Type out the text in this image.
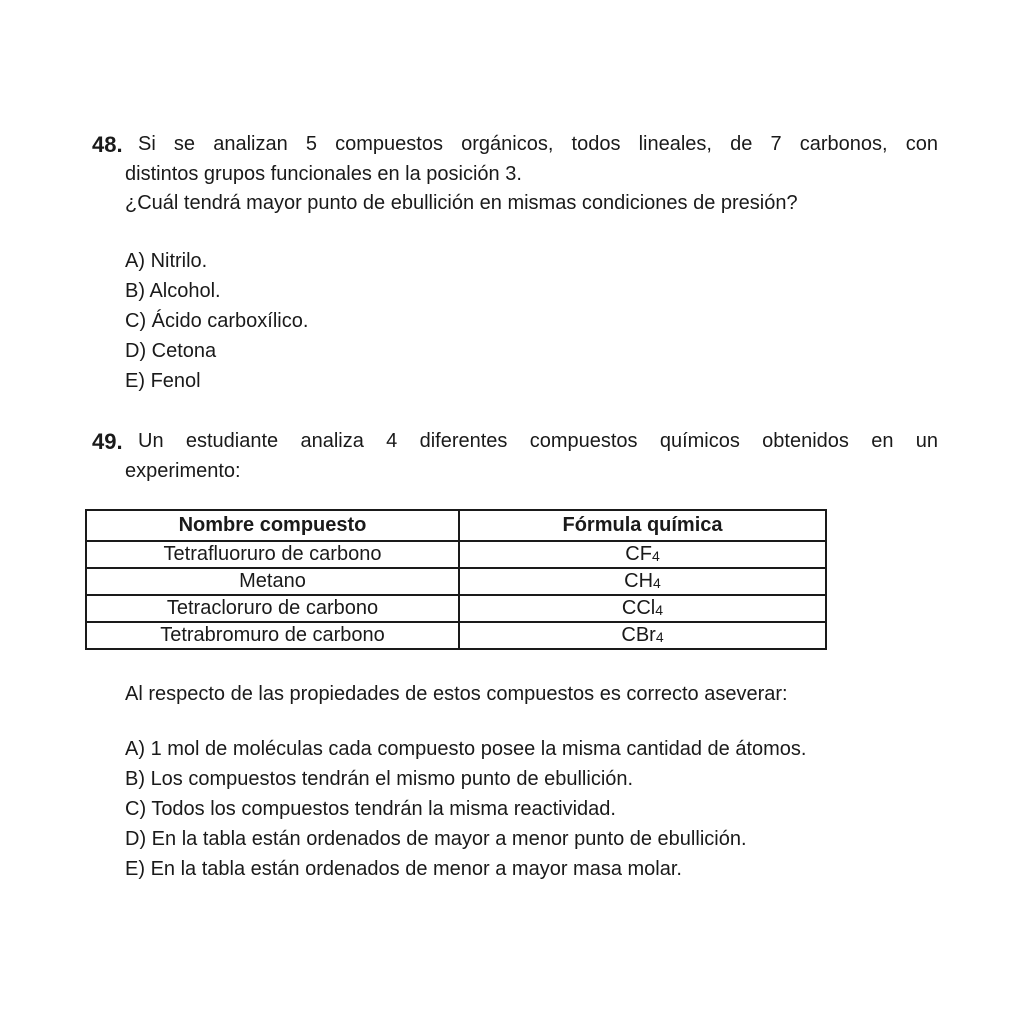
48. Si se analizan 5 compuestos orgánicos, todos lineales, de 7 carbonos, con
distintos grupos funcionales en la posición 3.
¿Cuál tendrá mayor punto de ebullición en mismas condiciones de presión?
A) Nitrilo.
B) Alcohol.
C) Ácido carboxílico.
D) Cetona
E) Fenol
49. Un estudiante analiza 4 diferentes compuestos químicos obtenidos en un
experimento:
Nombre compuesto	Fórmula química
Tetrafluoruro de carbono	CF4
Metano	CH4
Tetracloruro de carbono	CCl4
Tetrabromuro de carbono	CBr4
Al respecto de las propiedades de estos compuestos es correcto aseverar:
A) 1 mol de moléculas cada compuesto posee la misma cantidad de átomos.
B) Los compuestos tendrán el mismo punto de ebullición.
C) Todos los compuestos tendrán la misma reactividad.
D) En la tabla están ordenados de mayor a menor punto de ebullición.
E) En la tabla están ordenados de menor a mayor masa molar.
